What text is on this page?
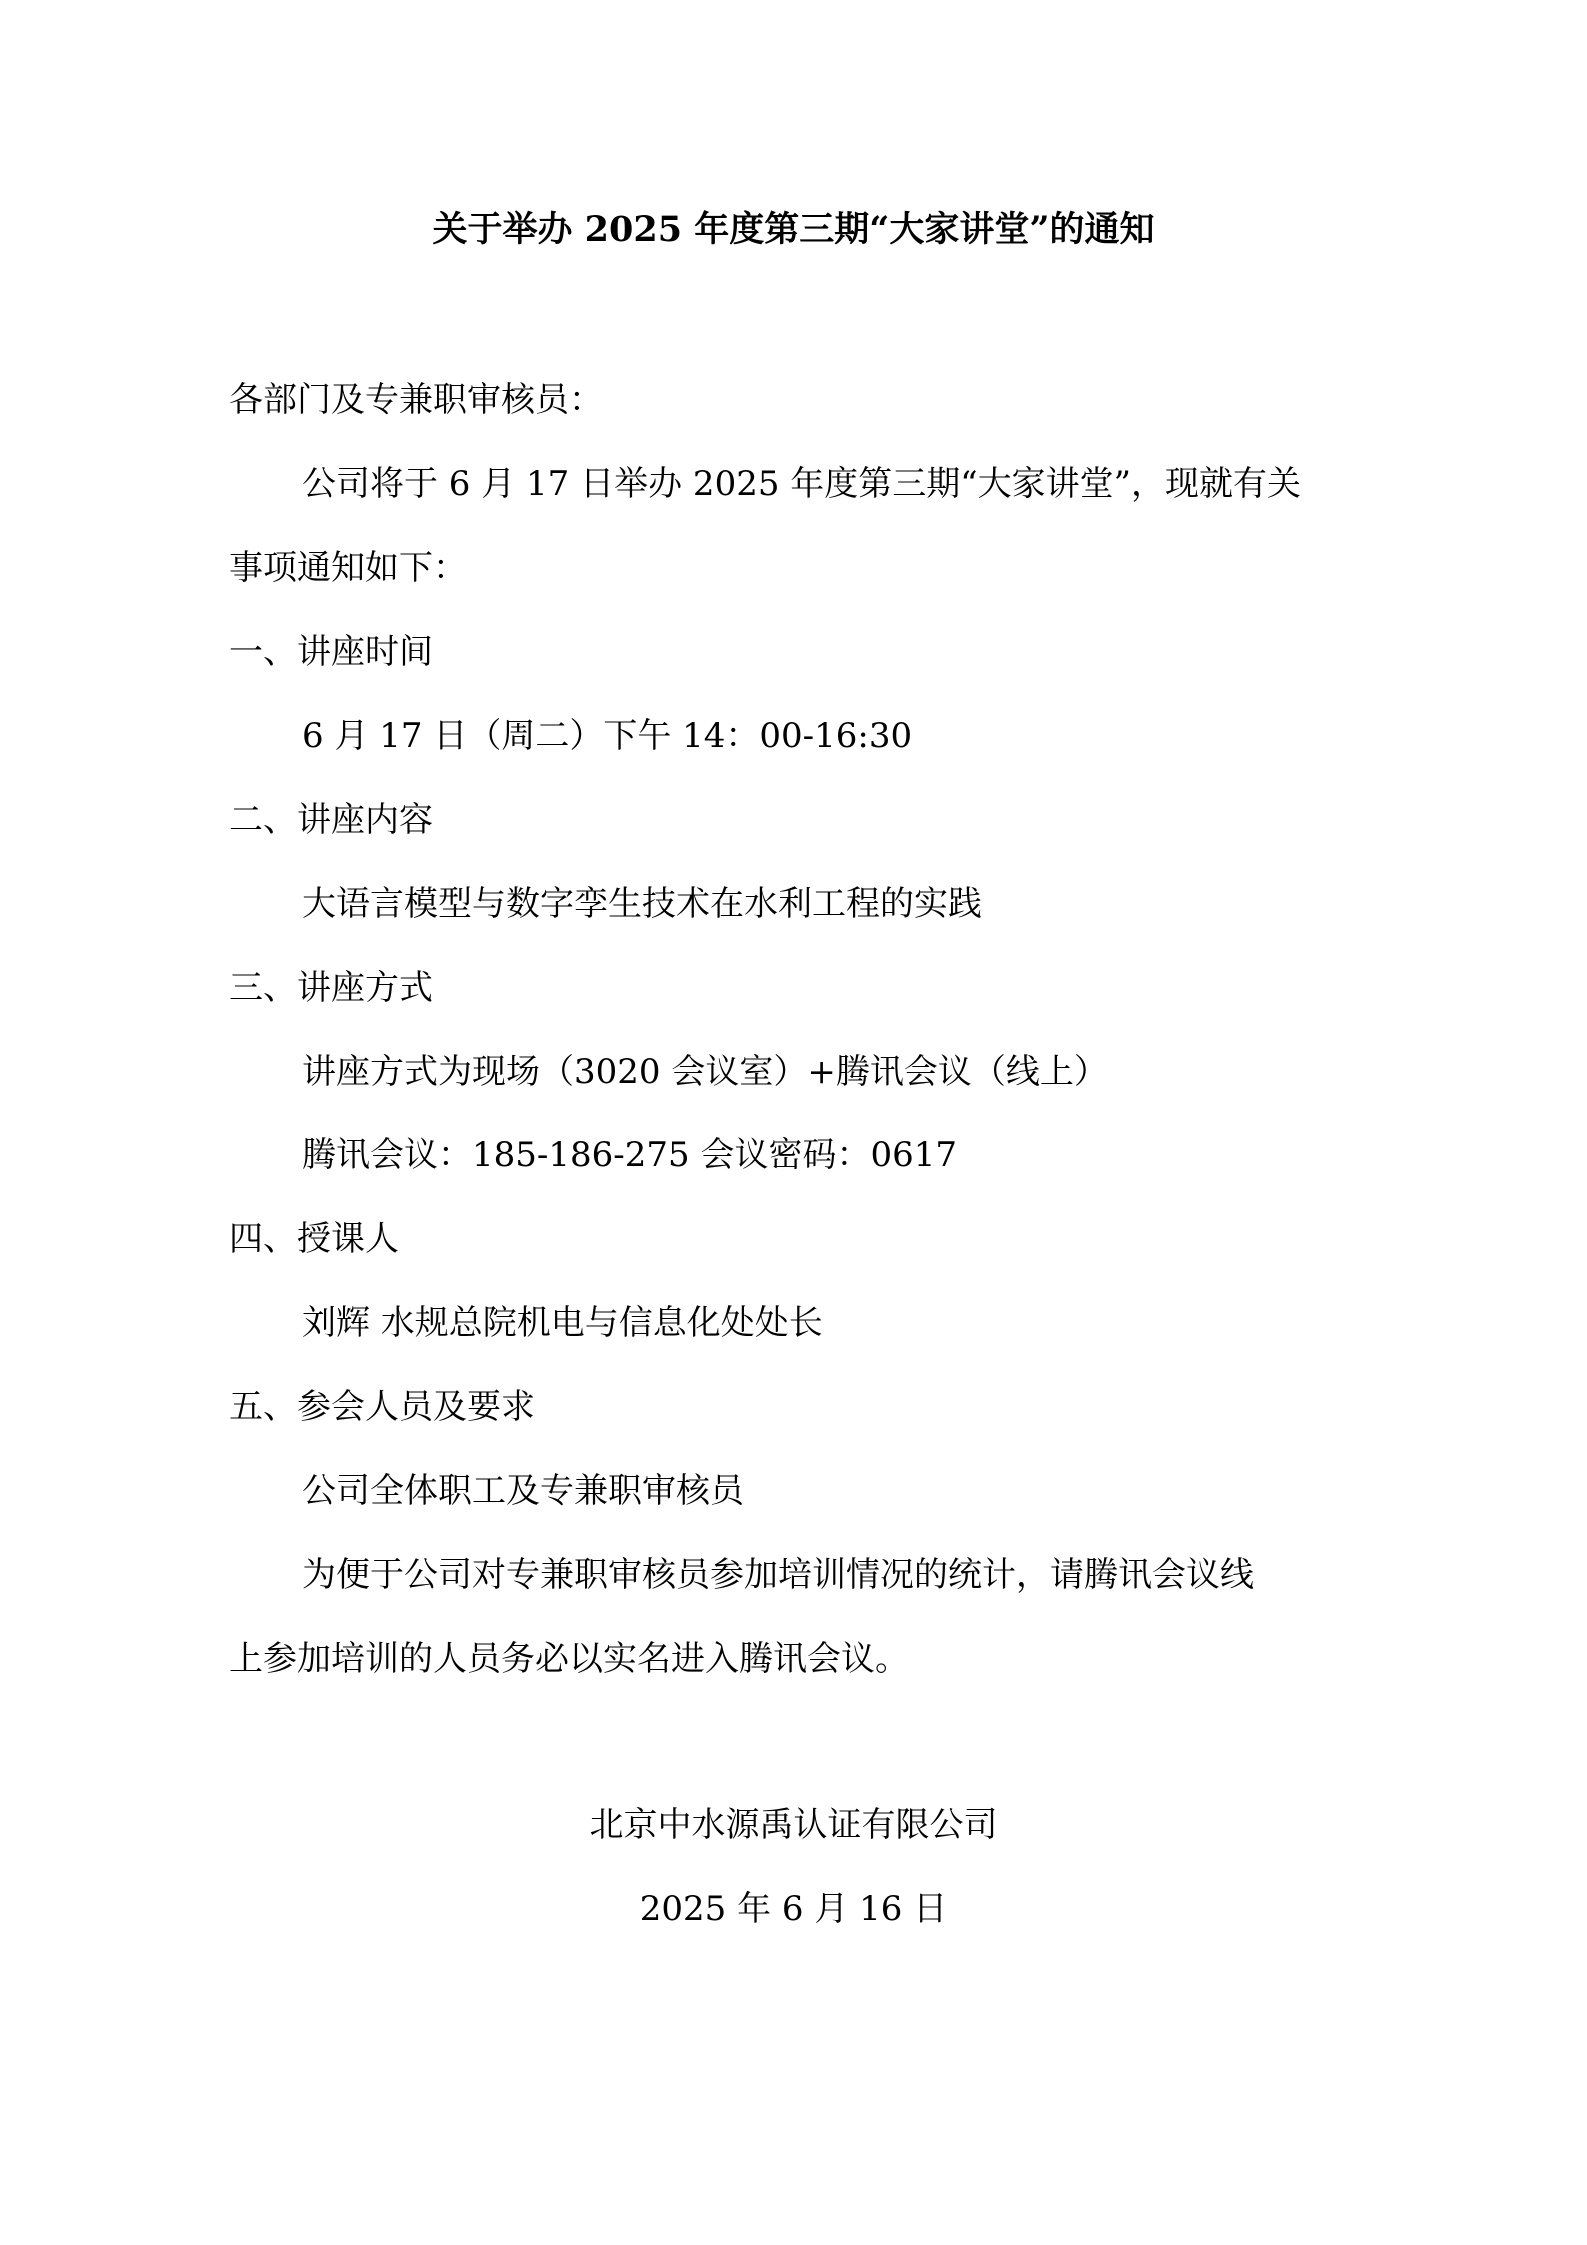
关于举办 2025 年度第三期“大家讲堂”的通知
各部门及专兼职审核员：
公司将于 6 月 17 日举办 2025 年度第三期“大家讲堂”，现就有关
事项通知如下：
一、讲座时间
6 月 17 日（周二）下午 14：00-16:30
二、讲座内容
大语言模型与数字孪生技术在水利工程的实践
三、讲座方式
讲座方式为现场（3020 会议室）+腾讯会议（线上）
腾讯会议：185-186-275 会议密码：0617
四、授课人
刘辉 水规总院机电与信息化处处长
五、参会人员及要求
公司全体职工及专兼职审核员
为便于公司对专兼职审核员参加培训情况的统计，请腾讯会议线
上参加培训的人员务必以实名进入腾讯会议。
北京中水源禹认证有限公司
2025 年 6 月 16 日
